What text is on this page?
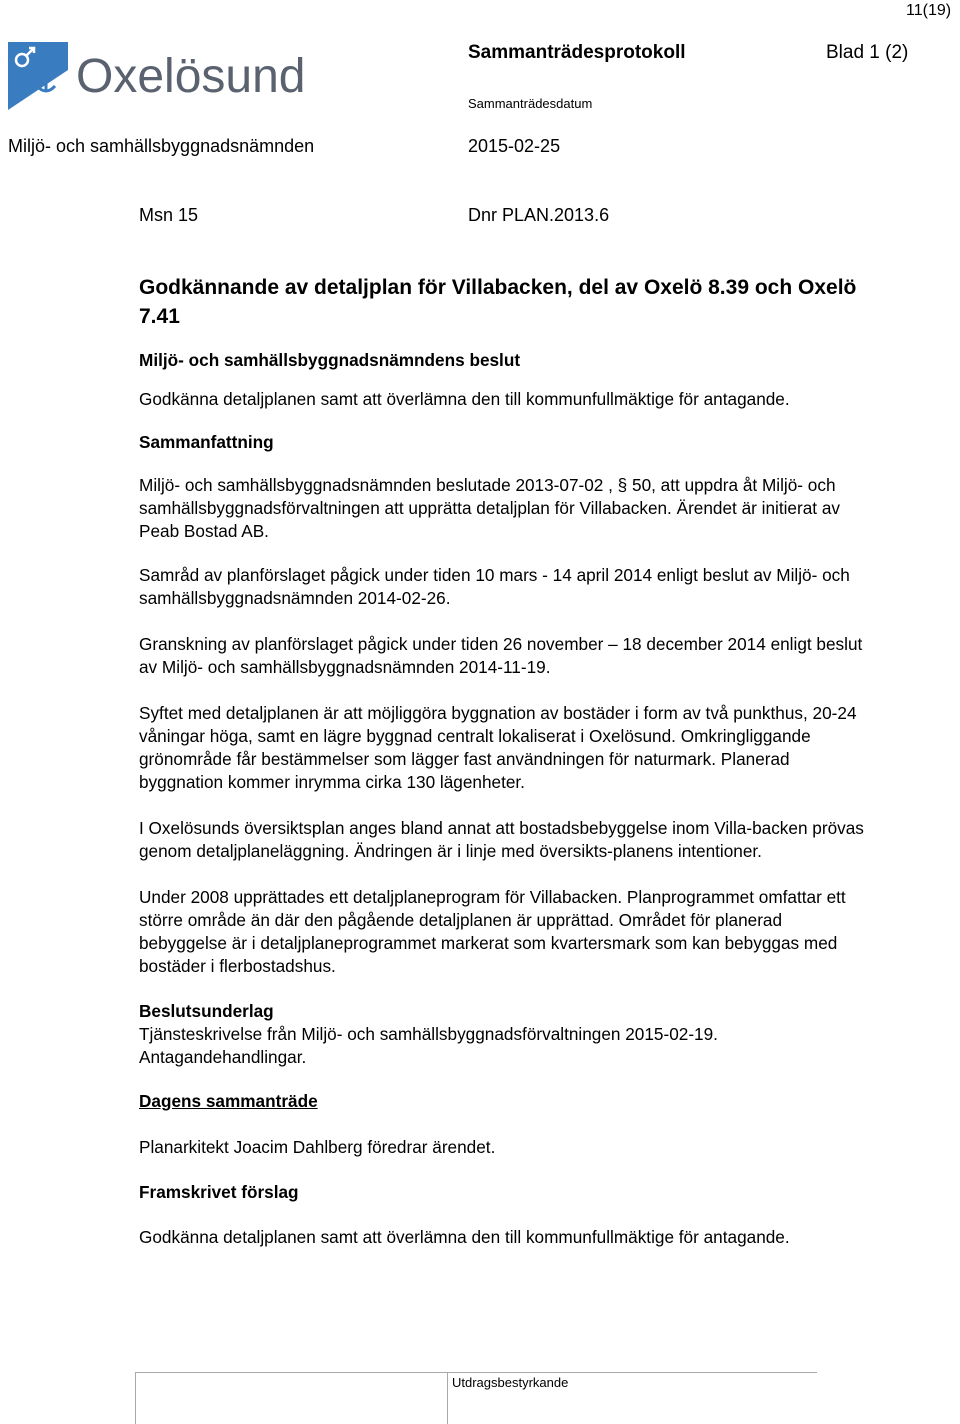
11(19)
Oxelösund	Sammanträdesprotokoll	Blad 1 (2)
Sammanträdesdatum
Miljö- och samhällsbyggnadsnämnden	2015-02-25
Msn 15	Dnr PLAN.2013.6

Godkännande av detaljplan för Villabacken, del av Oxelö 8.39 och Oxelö 7.41

Miljö- och samhällsbyggnadsnämndens beslut

Godkänna detaljplanen samt att överlämna den till kommunfullmäktige för antagande.

Sammanfattning

Miljö- och samhällsbyggnadsnämnden beslutade 2013-07-02 , § 50, att uppdra åt Miljö- och samhällsbyggnadsförvaltningen att upprätta detaljplan för Villabacken. Ärendet är initierat av Peab Bostad AB.

Samråd av planförslaget pågick under tiden 10 mars - 14 april 2014 enligt beslut av Miljö- och samhällsbyggnadsnämnden 2014-02-26.

Granskning av planförslaget pågick under tiden 26 november – 18 december 2014 enligt beslut av Miljö- och samhällsbyggnadsnämnden 2014-11-19.

Syftet med detaljplanen är att möjliggöra byggnation av bostäder i form av två punkthus, 20-24 våningar höga, samt en lägre byggnad centralt lokaliserat i Oxelösund. Omkringliggande grönområde får bestämmelser som lägger fast användningen för naturmark. Planerad byggnation kommer inrymma cirka 130 lägenheter.

I Oxelösunds översiktsplan anges bland annat att bostadsbebyggelse inom Villa-backen prövas genom detaljplaneläggning. Ändringen är i linje med översikts-planens intentioner.

Under 2008 upprättades ett detaljplaneprogram för Villabacken. Planprogrammet omfattar ett större område än där den pågående detaljplanen är upprättad. Området för planerad bebyggelse är i detaljplaneprogrammet markerat som kvartersmark som kan bebyggas med bostäder i flerbostadshus.

Beslutsunderlag

Tjänsteskrivelse från Miljö- och samhällsbyggnadsförvaltningen 2015-02-19.

Antagandehandlingar.

Dagens sammanträde

Planarkitekt Joacim Dahlberg föredrar ärendet.

Framskrivet förslag

Godkänna detaljplanen samt att överlämna den till kommunfullmäktige för antagande.

Utdragsbestyrkande
